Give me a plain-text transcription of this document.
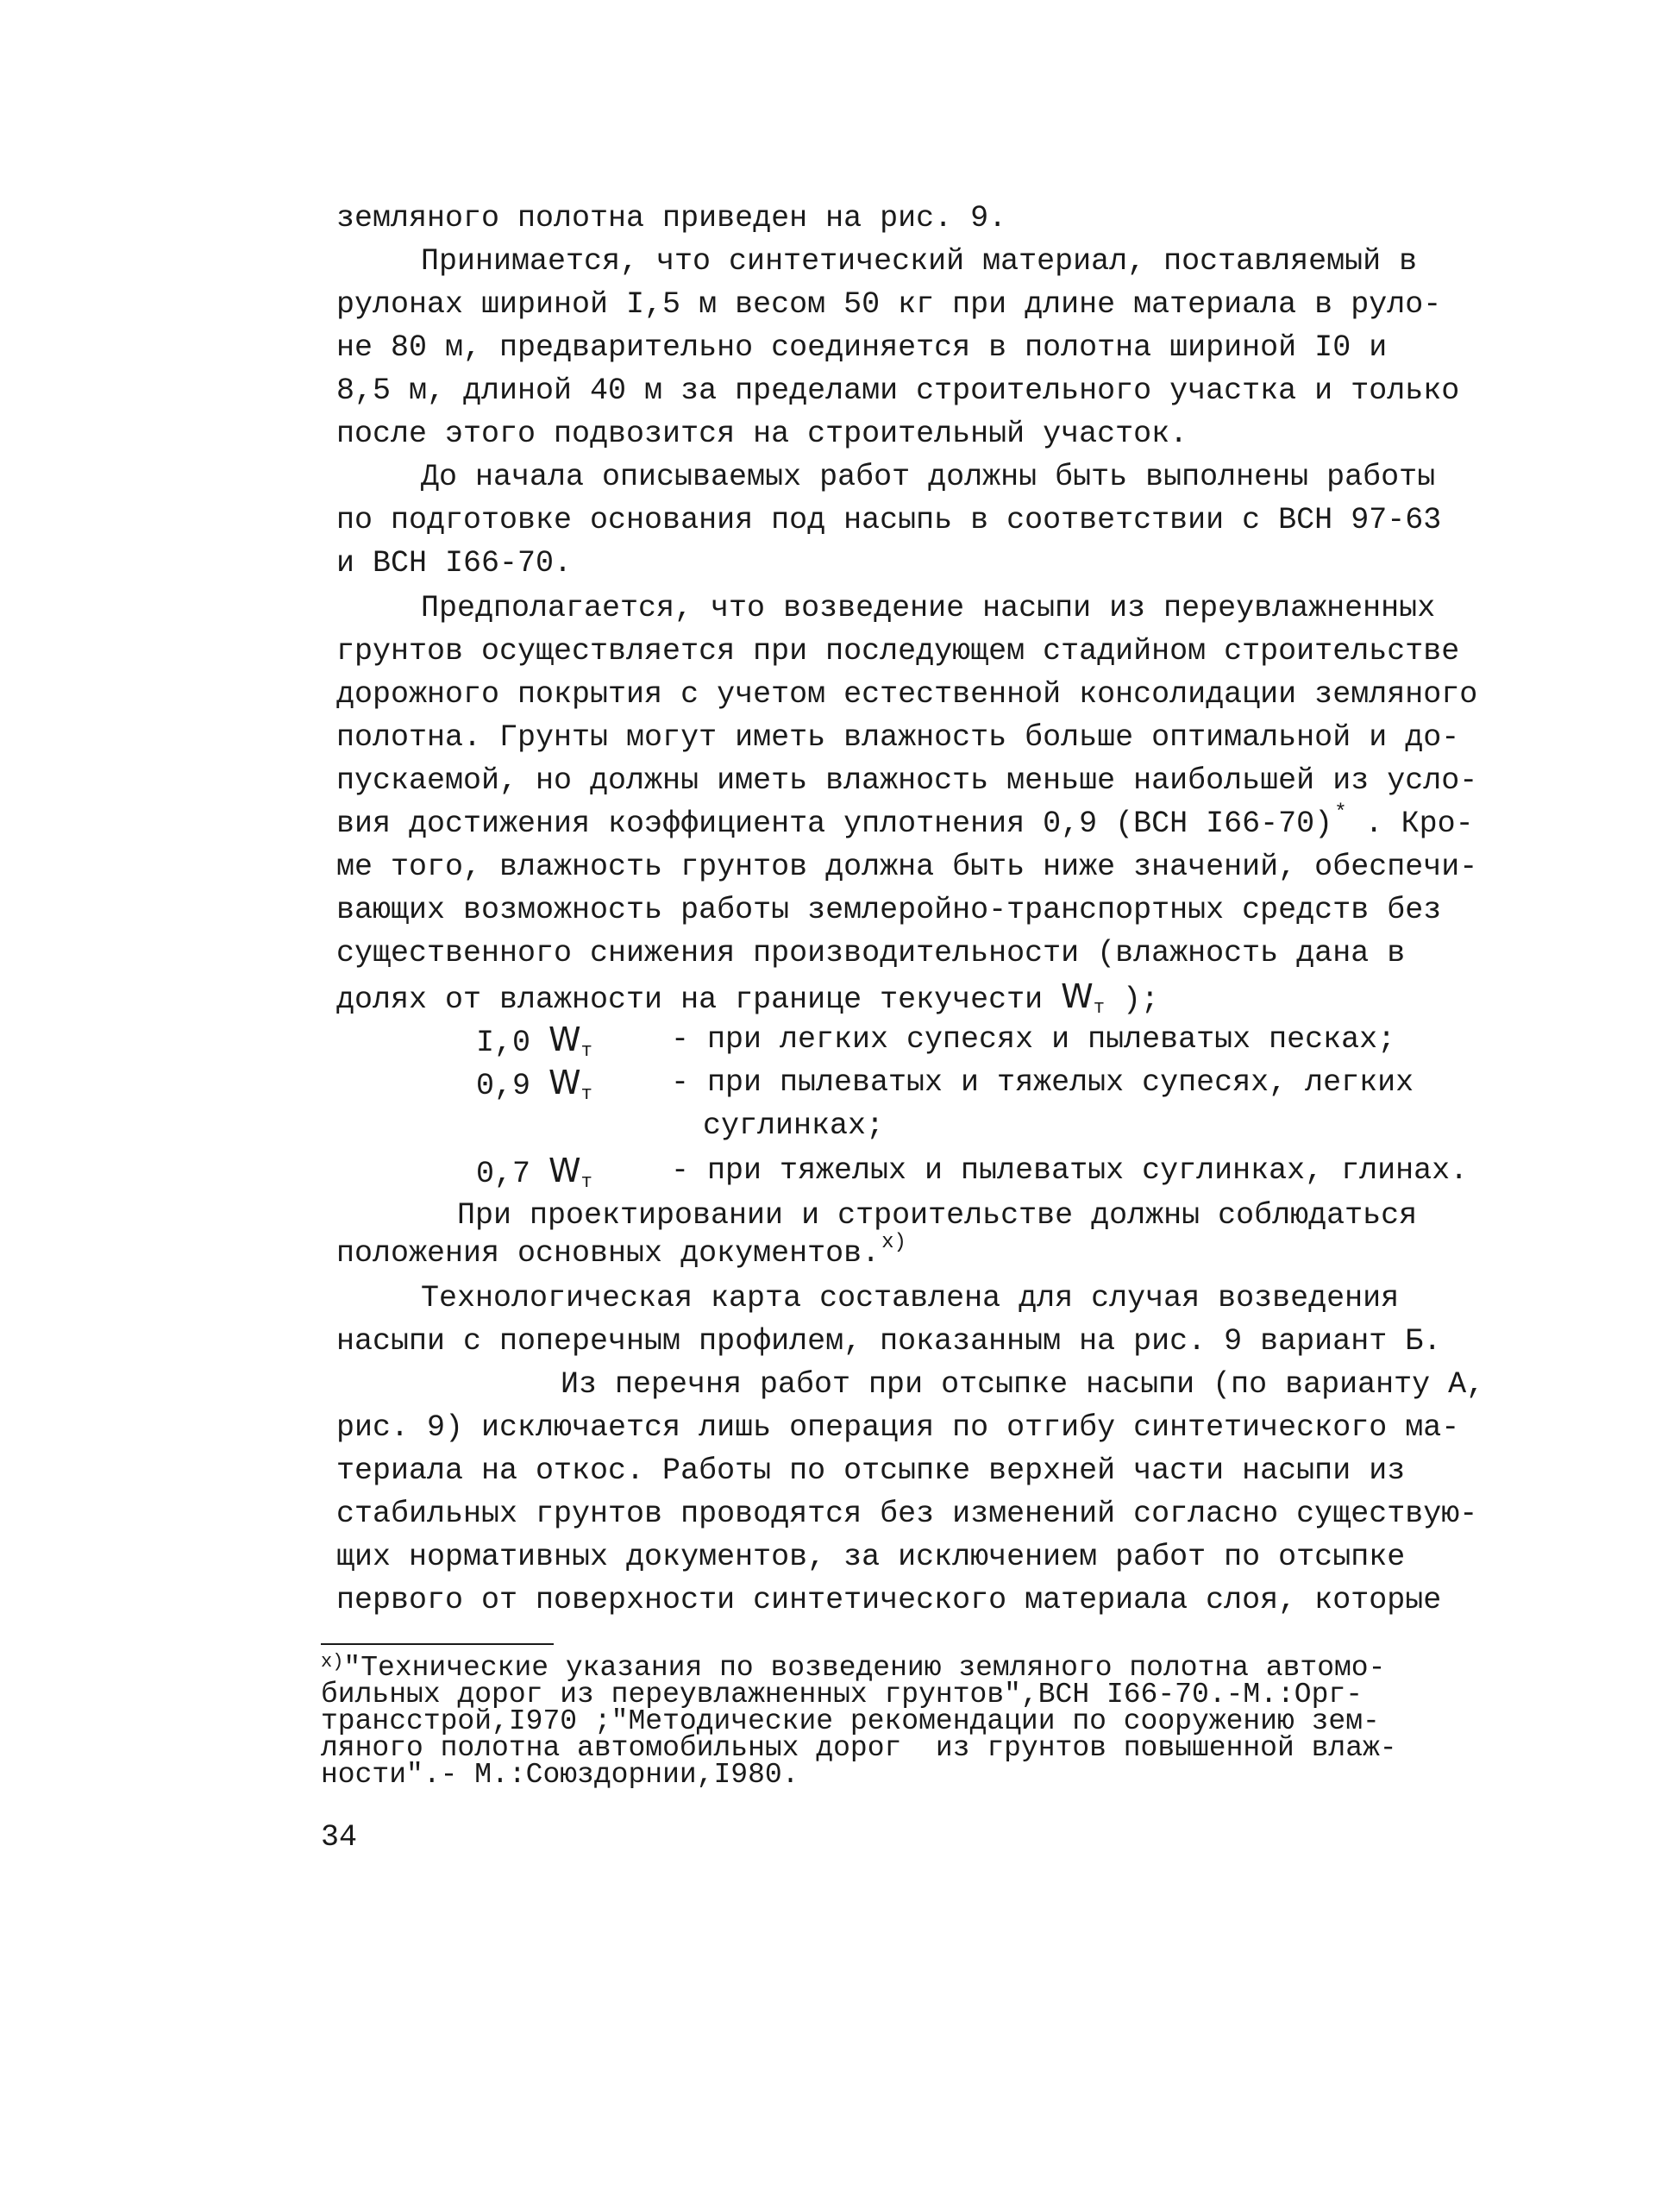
земляного полотна приведен на рис. 9.
Принимается, что синтетический материал, поставляемый в
рулонах шириной I,5 м весом 50 кг при длине материала в руло-
не 80 м, предварительно соединяется в полотна шириной I0 и
8,5 м, длиной 40 м за пределами строительного участка и только
после этого подвозится на строительный участок.
До начала описываемых работ должны быть выполнены работы
по подготовке основания под насыпь в соответствии с ВСН 97-63
и ВСН I66-70.
Предполагается, что возведение насыпи из переувлажненных
грунтов осуществляется при последующем стадийном строительстве
дорожного покрытия с учетом естественной консолидации земляного
полотна. Грунты могут иметь влажность больше оптимальной и до-
пускаемой, но должны иметь влажность меньше наибольшей из усло-
вия достижения коэффициента уплотнения 0,9 (ВСН I66-70)* . Кро-
ме того, влажность грунтов должна быть ниже значений, обеспечи-
вающих возможность работы землеройно-транспортных средств без
существенного снижения производительности (влажность дана в
долях от влажности на границе текучести Wт );
I,0 Wт	- при легких супесях и пылеватых песках;
0,9 Wт	- при пылеватых и тяжелых супесях, легких
суглинках;
0,7 Wт	- при тяжелых и пылеватых суглинках, глинах.
При проектировании и строительстве должны соблюдаться
положения основных документов.$^{х)}$
Технологическая карта составлена для случая возведения
насыпи с поперечным профилем, показанным на рис. 9 вариант Б.
Из перечня работ при отсыпке насыпи (по варианту А,
рис. 9) исключается лишь операция по отгибу синтетического ма-
териала на откос. Работы по отсыпке верхней части насыпи из
стабильных грунтов проводятся без изменений согласно существую-
щих нормативных документов, за исключением работ по отсыпке
первого от поверхности синтетического материала слоя, которые
$^{х)}$"Технические указания по возведению земляного полотна автомо-
бильных дорог из переувлажненных грунтов",ВСН I66-70.-М.:Орг-
трансстрой,I970 ;"Методические рекомендации по сооружению зем-
ляного полотна автомобильных дорог  из грунтов повышенной влаж-
ности".- М.:Союздорнии,I980.
34
